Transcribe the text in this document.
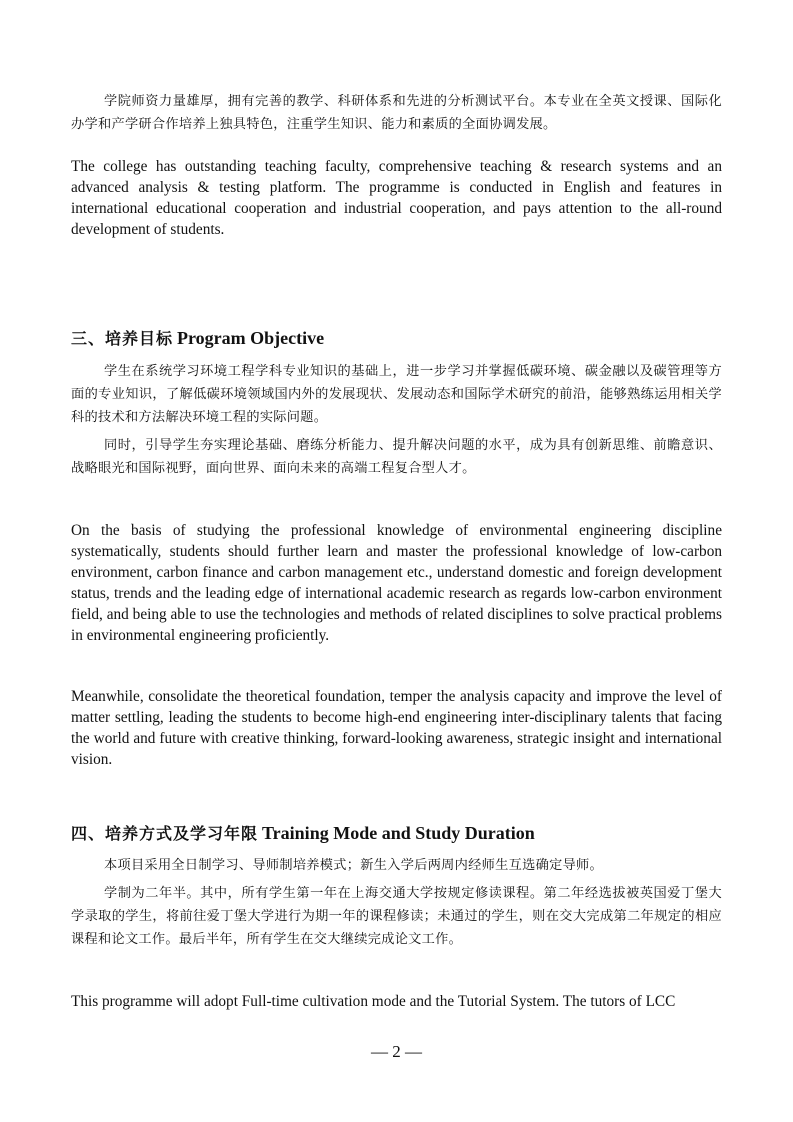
学院师资力量雄厚，拥有完善的教学、科研体系和先进的分析测试平台。本专业在全英文授课、国际化办学和产学研合作培养上独具特色，注重学生知识、能力和素质的全面协调发展。

The college has outstanding teaching faculty, comprehensive teaching & research systems and an advanced analysis & testing platform. The programme is conducted in English and features in international educational cooperation and industrial cooperation, and pays attention to the all-round development of students.

三、培养目标 Program Objective

学生在系统学习环境工程学科专业知识的基础上，进一步学习并掌握低碳环境、碳金融以及碳管理等方面的专业知识，了解低碳环境领域国内外的发展现状、发展动态和国际学术研究的前沿，能够熟练运用相关学科的技术和方法解决环境工程的实际问题。

同时，引导学生夯实理论基础、磨练分析能力、提升解决问题的水平，成为具有创新思维、前瞻意识、战略眼光和国际视野，面向世界、面向未来的高端工程复合型人才。

On the basis of studying the professional knowledge of environmental engineering discipline systematically, students should further learn and master the professional knowledge of low-carbon environment, carbon finance and carbon management etc., understand domestic and foreign development status, trends and the leading edge of international academic research as regards low-carbon environment field, and being able to use the technologies and methods of related disciplines to solve practical problems in environmental engineering proficiently.

Meanwhile, consolidate the theoretical foundation, temper the analysis capacity and improve the level of matter settling, leading the students to become high-end engineering inter-disciplinary talents that facing the world and future with creative thinking, forward-looking awareness, strategic insight and international vision.

四、培养方式及学习年限 Training Mode and Study Duration

本项目采用全日制学习、导师制培养模式；新生入学后两周内经师生互选确定导师。

学制为二年半。其中，所有学生第一年在上海交通大学按规定修读课程。第二年经选拔被英国爱丁堡大学录取的学生，将前往爱丁堡大学进行为期一年的课程修读；未通过的学生，则在交大完成第二年规定的相应课程和论文工作。最后半年，所有学生在交大继续完成论文工作。

This programme will adopt Full-time cultivation mode and the Tutorial System. The tutors of LCC

— 2 —
